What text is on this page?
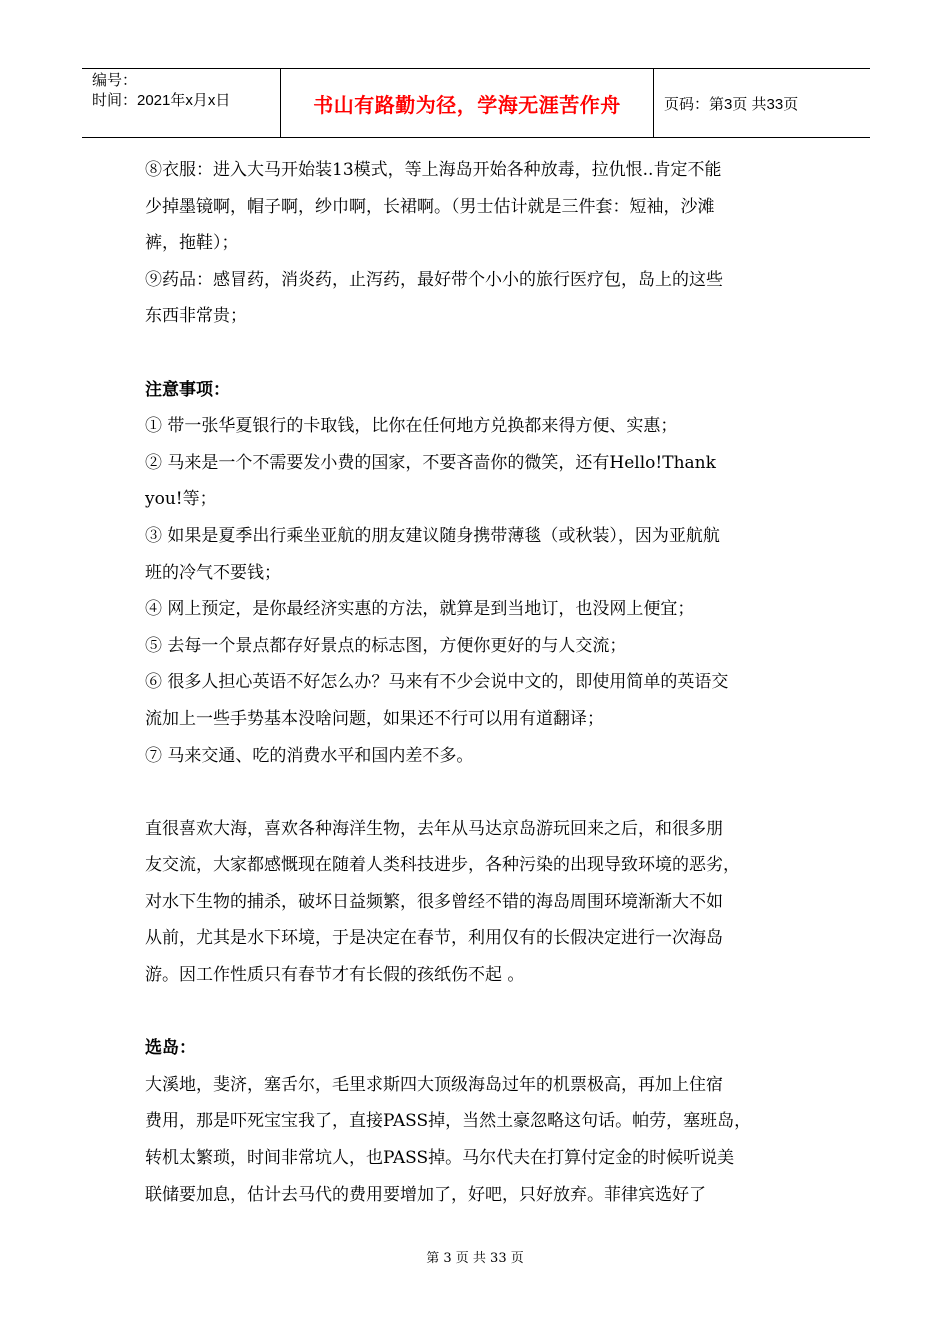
编号：
时间：2021年x月x日	书山有路勤为径，学海无涯苦作舟	页码：第3页 共33页

⑧衣服：进入大马开始装13模式，等上海岛开始各种放毒，拉仇恨..肯定不能

少掉墨镜啊，帽子啊，纱巾啊，长裙啊。（男士估计就是三件套：短袖，沙滩

裤，拖鞋）；

⑨药品：感冒药，消炎药，止泻药，最好带个小小的旅行医疗包，岛上的这些

东西非常贵；

注意事项：

① 带一张华夏银行的卡取钱，比你在任何地方兑换都来得方便、实惠；

② 马来是一个不需要发小费的国家，不要吝啬你的微笑，还有Hello!Thank

you!等；

③ 如果是夏季出行乘坐亚航的朋友建议随身携带薄毯（或秋装），因为亚航航

班的冷气不要钱；

④ 网上预定，是你最经济实惠的方法，就算是到当地订，也没网上便宜；

⑤ 去每一个景点都存好景点的标志图，方便你更好的与人交流；

⑥ 很多人担心英语不好怎么办？马来有不少会说中文的，即使用简单的英语交

流加上一些手势基本没啥问题，如果还不行可以用有道翻译；

⑦ 马来交通、吃的消费水平和国内差不多。

直很喜欢大海，喜欢各种海洋生物，去年从马达京岛游玩回来之后，和很多朋

友交流，大家都感慨现在随着人类科技进步，各种污染的出现导致环境的恶劣，

对水下生物的捕杀，破坏日益频繁，很多曾经不错的海岛周围环境渐渐大不如

从前，尤其是水下环境，于是决定在春节，利用仅有的长假决定进行一次海岛

游。因工作性质只有春节才有长假的孩纸伤不起 。

选岛：

大溪地，斐济，塞舌尔，毛里求斯四大顶级海岛过年的机票极高，再加上住宿

费用，那是吓死宝宝我了，直接PASS掉，当然土豪忽略这句话。帕劳，塞班岛，

转机太繁琐，时间非常坑人，也PASS掉。马尔代夫在打算付定金的时候听说美

联储要加息，估计去马代的费用要增加了，好吧，只好放弃。菲律宾选好了

第 3 页 共 33 页
